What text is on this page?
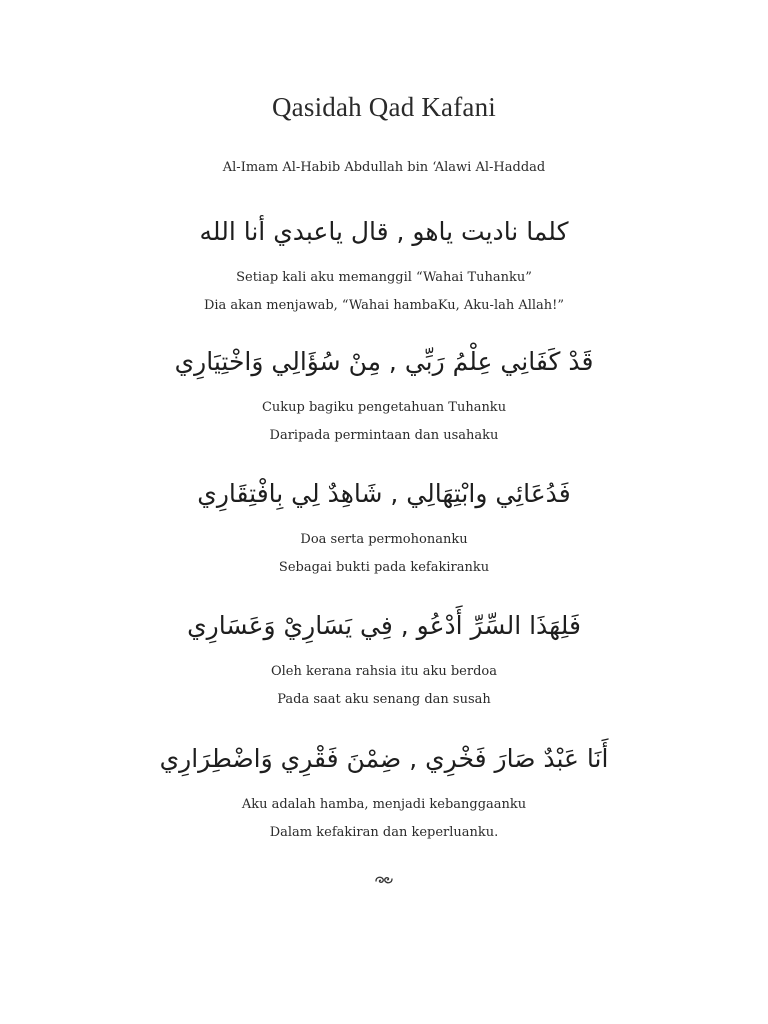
Qasidah Qad Kafani
Al-Imam Al-Habib Abdullah bin ‘Alawi Al-Haddad
كلما ناديت ياهو , قال ياعبدي أنا الله
Setiap kali aku memanggil “Wahai Tuhanku”
Dia akan menjawab, “Wahai hambaKu, Aku-lah Allah!”
قَدْ كَفَانِي عِلْمُ رَبِّي , مِنْ سُؤَالِي وَاخْتِيَارِي
Cukup bagiku pengetahuan Tuhanku
Daripada permintaan dan usahaku
فَدُعَائِي وابْتِهَالِي , شَاهِدٌ لِي بِافْتِقَارِي
Doa serta permohonanku
Sebagai bukti pada kefakiranku
فَلِهَذَا السِّرِّ أَدْعُو , فِي يَسَارِيْ وَعَسَارِي
Oleh kerana rahsia itu aku berdoa
Pada saat aku senang dan susah
أَنَا عَبْدٌ صَارَ فَخْرِي , ضِمْنَ فَقْرِي وَاضْطِرَارِي
Aku adalah hamba, menjadi kebanggaanku
Dalam kefakiran dan keperluanku.
